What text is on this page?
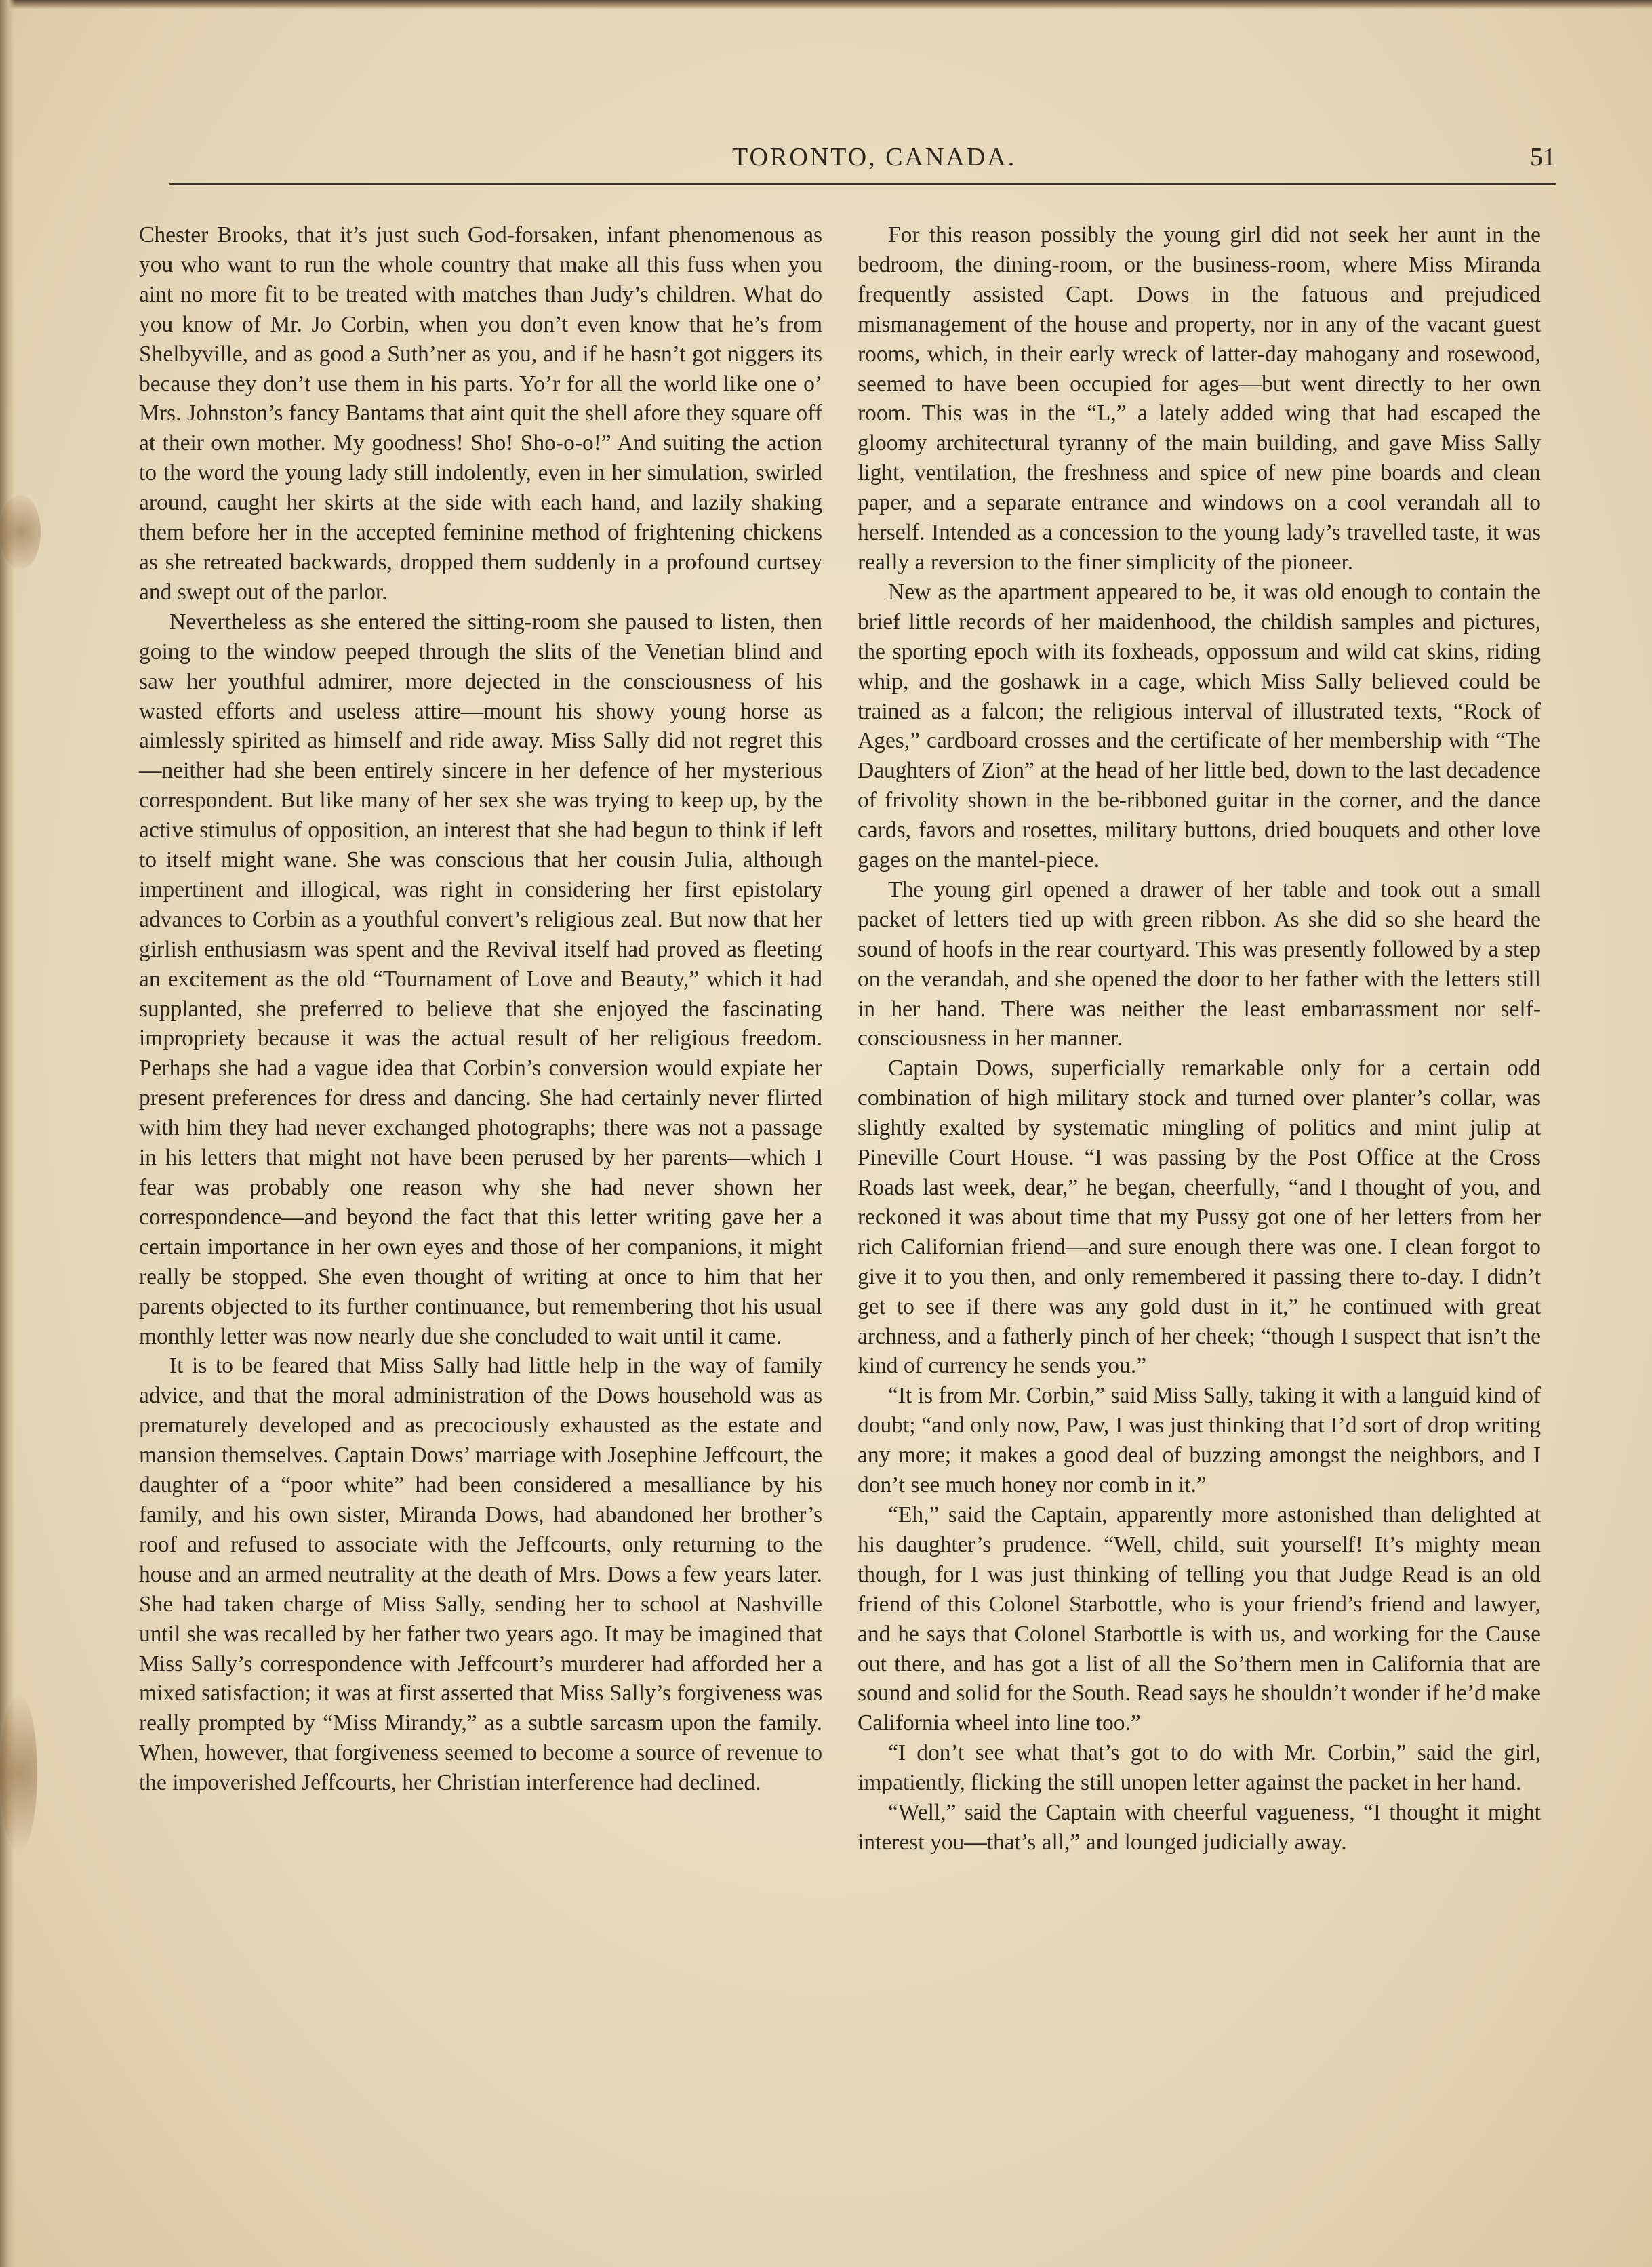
TORONTO, CANADA.	51

Chester Brooks, that it’s just such God-forsaken, infant phenomenous as you who want to run the whole country that make all this fuss when you aint no more fit to be treated with matches than Judy’s children. What do you know of Mr. Jo Corbin, when you don’t even know that he’s from Shelbyville, and as good a Suth’ner as you, and if he hasn’t got niggers its because they don’t use them in his parts. Yo’r for all the world like one o’ Mrs. Johnston’s fancy Bantams that aint quit the shell afore they square off at their own mother. My goodness! Sho! Sho-o-o!” And suiting the action to the word the young lady still indolently, even in her simulation, swirled around, caught her skirts at the side with each hand, and lazily shaking them before her in the accepted feminine method of frightening chickens as she retreated backwards, dropped them suddenly in a profound curtsey and swept out of the parlor.

Nevertheless as she entered the sitting-room she paused to listen, then going to the window peeped through the slits of the Venetian blind and saw her youthful admirer, more dejected in the consciousness of his wasted efforts and useless attire—mount his showy young horse as aimlessly spirited as himself and ride away. Miss Sally did not regret this—neither had she been entirely sincere in her defence of her mysterious correspondent. But like many of her sex she was trying to keep up, by the active stimulus of opposition, an interest that she had begun to think if left to itself might wane. She was conscious that her cousin Julia, although impertinent and illogical, was right in considering her first epistolary advances to Corbin as a youthful convert’s religious zeal. But now that her girlish enthusiasm was spent and the Revival itself had proved as fleeting an excitement as the old “Tournament of Love and Beauty,” which it had supplanted, she preferred to believe that she enjoyed the fascinating impropriety because it was the actual result of her religious freedom. Perhaps she had a vague idea that Corbin’s conversion would expiate her present preferences for dress and dancing. She had certainly never flirted with him they had never exchanged photographs; there was not a passage in his letters that might not have been perused by her parents—which I fear was probably one reason why she had never shown her correspondence—and beyond the fact that this letter writing gave her a certain importance in her own eyes and those of her companions, it might really be stopped. She even thought of writing at once to him that her parents objected to its further continuance, but remembering thot his usual monthly letter was now nearly due she concluded to wait until it came.

It is to be feared that Miss Sally had little help in the way of family advice, and that the moral administration of the Dows household was as prematurely developed and as precociously exhausted as the estate and mansion themselves. Captain Dows’ marriage with Josephine Jeffcourt, the daughter of a “poor white” had been considered a mesalliance by his family, and his own sister, Miranda Dows, had abandoned her brother’s roof and refused to associate with the Jeffcourts, only returning to the house and an armed neutrality at the death of Mrs. Dows a few years later. She had taken charge of Miss Sally, sending her to school at Nashville until she was recalled by her father two years ago. It may be imagined that Miss Sally’s correspondence with Jeffcourt’s murderer had afforded her a mixed satisfaction; it was at first asserted that Miss Sally’s forgiveness was really prompted by “Miss Mirandy,” as a subtle sarcasm upon the family. When, however, that forgiveness seemed to become a source of revenue to the impoverished Jeffcourts, her Christian interference had declined.

For this reason possibly the young girl did not seek her aunt in the bedroom, the dining-room, or the business-room, where Miss Miranda frequently assisted Capt. Dows in the fatuous and prejudiced mismanagement of the house and property, nor in any of the vacant guest rooms, which, in their early wreck of latter-day mahogany and rosewood, seemed to have been occupied for ages—but went directly to her own room. This was in the “L,” a lately added wing that had escaped the gloomy architectural tyranny of the main building, and gave Miss Sally light, ventilation, the freshness and spice of new pine boards and clean paper, and a separate entrance and windows on a cool verandah all to herself. Intended as a concession to the young lady’s travelled taste, it was really a reversion to the finer simplicity of the pioneer.

New as the apartment appeared to be, it was old enough to contain the brief little records of her maidenhood, the childish samples and pictures, the sporting epoch with its foxheads, oppossum and wild cat skins, riding whip, and the goshawk in a cage, which Miss Sally believed could be trained as a falcon; the religious interval of illustrated texts, “Rock of Ages,” cardboard crosses and the certificate of her membership with “The Daughters of Zion” at the head of her little bed, down to the last decadence of frivolity shown in the be-ribboned guitar in the corner, and the dance cards, favors and rosettes, military buttons, dried bouquets and other love gages on the mantel-piece.

The young girl opened a drawer of her table and took out a small packet of letters tied up with green ribbon. As she did so she heard the sound of hoofs in the rear courtyard. This was presently followed by a step on the verandah, and she opened the door to her father with the letters still in her hand. There was neither the least embarrassment nor self-consciousness in her manner.

Captain Dows, superficially remarkable only for a certain odd combination of high military stock and turned over planter’s collar, was slightly exalted by systematic mingling of politics and mint julip at Pineville Court House. “I was passing by the Post Office at the Cross Roads last week, dear,” he began, cheerfully, “and I thought of you, and reckoned it was about time that my Pussy got one of her letters from her rich Californian friend—and sure enough there was one. I clean forgot to give it to you then, and only remembered it passing there to-day. I didn’t get to see if there was any gold dust in it,” he continued with great archness, and a fatherly pinch of her cheek; “though I suspect that isn’t the kind of currency he sends you.”

“It is from Mr. Corbin,” said Miss Sally, taking it with a languid kind of doubt; “and only now, Paw, I was just thinking that I’d sort of drop writing any more; it makes a good deal of buzzing amongst the neighbors, and I don’t see much honey nor comb in it.”

“Eh,” said the Captain, apparently more astonished than delighted at his daughter’s prudence. “Well, child, suit yourself! It’s mighty mean though, for I was just thinking of telling you that Judge Read is an old friend of this Colonel Starbottle, who is your friend’s friend and lawyer, and he says that Colonel Starbottle is with us, and working for the Cause out there, and has got a list of all the So’thern men in California that are sound and solid for the South. Read says he shouldn’t wonder if he’d make California wheel into line too.”

“I don’t see what that’s got to do with Mr. Corbin,” said the girl, impatiently, flicking the still unopen letter against the packet in her hand.

“Well,” said the Captain with cheerful vagueness, “I thought it might interest you—that’s all,” and lounged judicially away.
